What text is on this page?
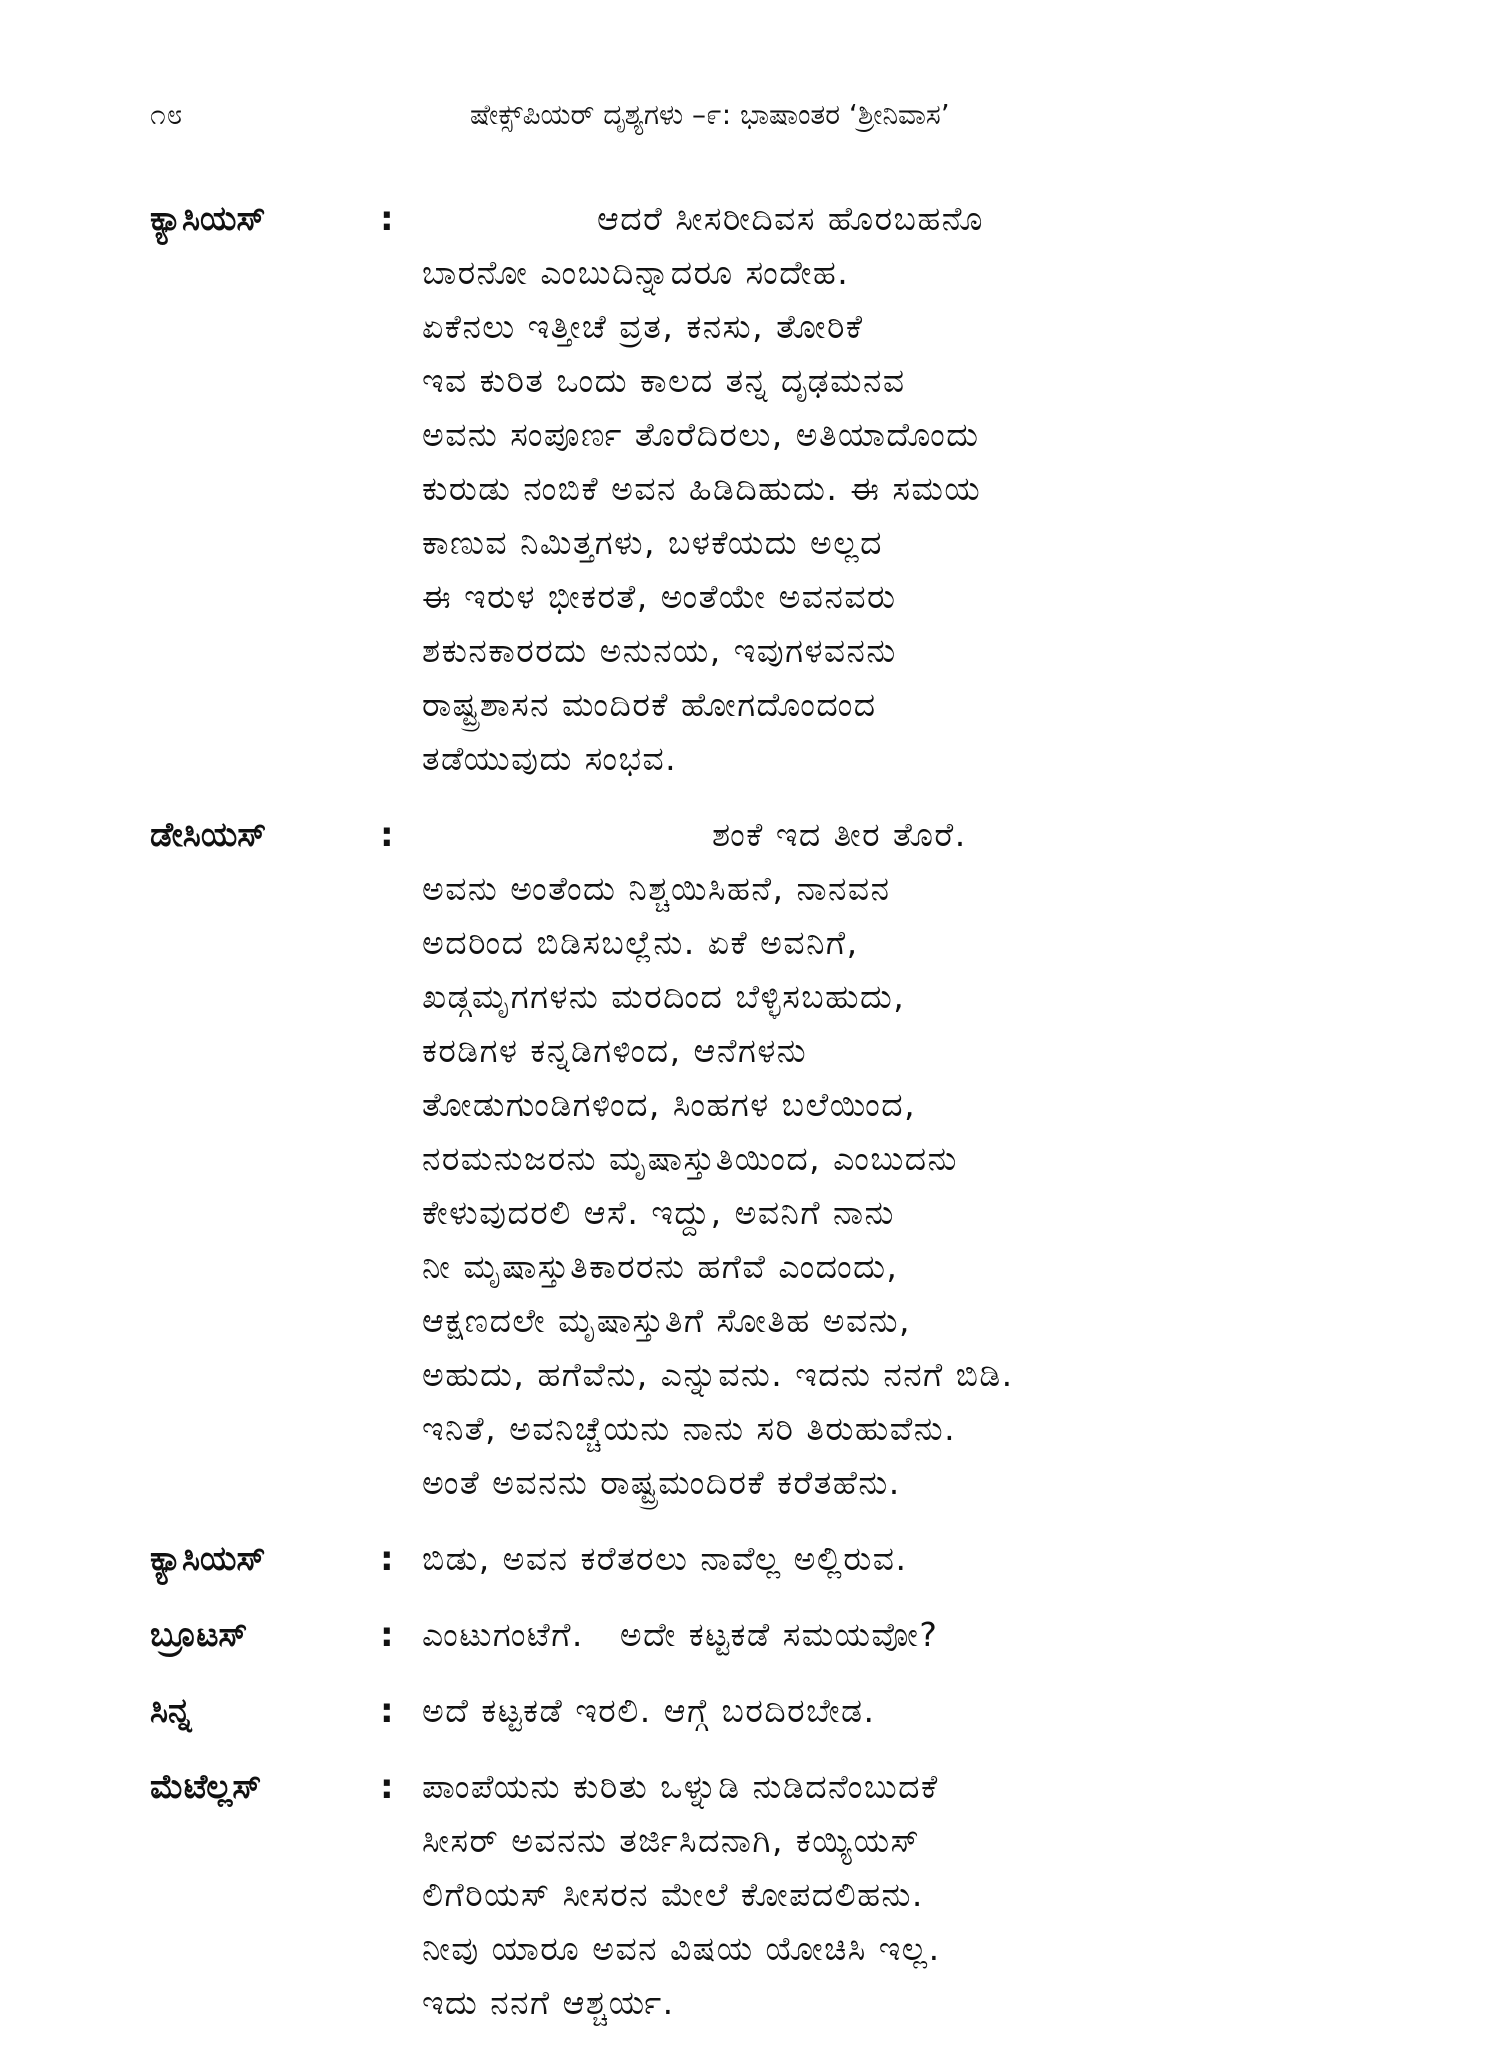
೧೮	ಷೇಕ್ಸ್‌ಪಿಯರ್ ದೃಶ್ಯಗಳು –೯: ಭಾಷಾಂತರ ‘ಶ್ರೀನಿವಾಸ’
ಕ್ಯಾಸಿಯಸ್	:	ಆದರೆ ಸೀಸರೀದಿವಸ ಹೊರಬಹನೊ
ಬಾರನೋ ಎಂಬುದಿನ್ನಾದರೂ ಸಂದೇಹ.
ಏಕೆನಲು ಇತ್ತೀಚೆ ವ್ರತ, ಕನಸು, ತೋರಿಕೆ
ಇವ ಕುರಿತ ಒಂದು ಕಾಲದ ತನ್ನ ದೃಢಮನವ
ಅವನು ಸಂಪೂರ್ಣ ತೊರೆದಿರಲು, ಅತಿಯಾದೊಂದು
ಕುರುಡು ನಂಬಿಕೆ ಅವನ ಹಿಡಿದಿಹುದು. ಈ ಸಮಯ
ಕಾಣುವ ನಿಮಿತ್ತಗಳು, ಬಳಕೆಯದು ಅಲ್ಲದ
ಈ ಇರುಳ ಭೀಕರತೆ, ಅಂತೆಯೇ ಅವನವರು
ಶಕುನಕಾರರದು ಅನುನಯ, ಇವುಗಳವನನು
ರಾಷ್ಟ್ರಶಾಸನ ಮಂದಿರಕೆ ಹೋಗದೊಂದಂದ
ತಡೆಯುವುದು ಸಂಭವ.
ಡೇಸಿಯಸ್	:	ಶಂಕೆ ಇದ ತೀರ ತೊರೆ.
ಅವನು ಅಂತೆಂದು ನಿಶ್ಚಯಿಸಿಹನೆ, ನಾನವನ
ಅದರಿಂದ ಬಿಡಿಸಬಲ್ಲೆನು. ಏಕೆ ಅವನಿಗೆ,
ಖಡ್ಗಮೃಗಗಳನು ಮರದಿಂದ ಬೆಳ್ಳಿಸಬಹುದು,
ಕರಡಿಗಳ ಕನ್ನಡಿಗಳಿಂದ, ಆನೆಗಳನು
ತೋಡುಗುಂಡಿಗಳಿಂದ, ಸಿಂಹಗಳ ಬಲೆಯಿಂದ,
ನರಮನುಜರನು ಮೃಷಾಸ್ತುತಿಯಿಂದ, ಎಂಬುದನು
ಕೇಳುವುದರಲಿ ಆಸೆ. ಇದ್ದು, ಅವನಿಗೆ ನಾನು
ನೀ ಮೃಷಾಸ್ತುತಿಕಾರರನು ಹಗೆವೆ ಎಂದಂದು,
ಆಕ್ಷಣದಲೇ ಮೃಷಾಸ್ತುತಿಗೆ ಸೋತಿಹ ಅವನು,
ಅಹುದು, ಹಗೆವೆನು, ಎನ್ನುವನು. ಇದನು ನನಗೆ ಬಿಡಿ.
ಇನಿತೆ, ಅವನಿಚ್ಚೆಯನು ನಾನು ಸರಿ ತಿರುಹುವೆನು.
ಅಂತೆ ಅವನನು ರಾಷ್ಟ್ರಮಂದಿರಕೆ ಕರೆತಹೆನು.
ಕ್ಯಾಸಿಯಸ್	: ಬಿಡು, ಅವನ ಕರೆತರಲು ನಾವೆಲ್ಲ ಅಲ್ಲಿರುವ.
ಬ್ರೂಟಸ್	: ಎಂಟುಗಂಟೆಗೆ.   ಅದೇ ಕಟ್ಟಕಡೆ ಸಮಯವೋ?
ಸಿನ್ನ	: ಅದೆ ಕಟ್ಟಕಡೆ ಇರಲಿ. ಆಗ್ಗೆ ಬರದಿರಬೇಡ.
ಮೆಟೆಲ್ಲಸ್	: ಪಾಂಪೆಯನು ಕುರಿತು ಒಳ್ನುಡಿ ನುಡಿದನೆಂಬುದಕೆ
ಸೀಸರ್ ಅವನನು ತರ್ಜಿಸಿದನಾಗಿ, ಕಯ್ಯಿಯಸ್
ಲಿಗೆರಿಯಸ್ ಸೀಸರನ ಮೇಲೆ ಕೋಪದಲಿಹನು.
ನೀವು ಯಾರೂ ಅವನ ವಿಷಯ ಯೋಚಿಸಿ ಇಲ್ಲ.
ಇದು ನನಗೆ ಆಶ್ಚರ್ಯ.
